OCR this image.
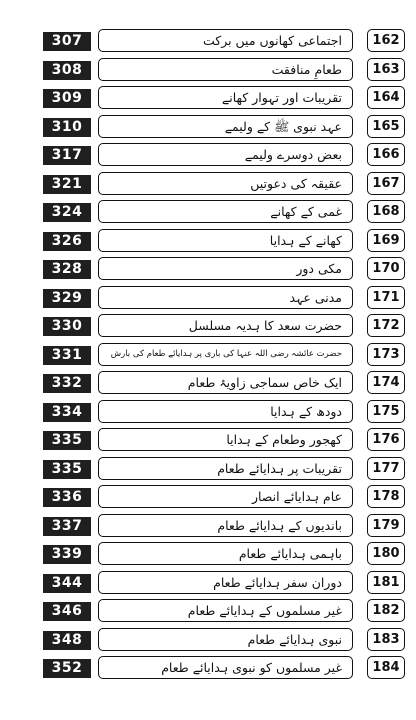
307	اجتماعی کھانوں میں برکت	162
308	طعامِ منافقت	163
309	تقریبات اور تہوار کھانے	164
310	عہد نبوی ﷺ کے ولیمے	165
317	بعض دوسرے ولیمے	166
321	عقیقہ کی دعوتیں	167
324	غمی کے کھانے	168
326	کھانے کے ہدایا	169
328	مکی دور	170
329	مدنی عہد	171
330	حضرت سعد کا ہدیہ مسلسل	172
331	حضرت عائشہ رضی اللہ عنہا کی باری پر ہدایائے طعام کی بارش	173
332	ایک خاص سماجی زاویۂ طعام	174
334	دودھ کے ہدایا	175
335	کھجور وطعام کے ہدایا	176
335	تقریبات پر ہدایائے طعام	177
336	عام ہدایائے انصار	178
337	باندیوں کے ہدایائے طعام	179
339	باہمی ہدایائے طعام	180
344	دوران سفر ہدایائے طعام	181
346	غیر مسلموں کے ہدایائے طعام	182
348	نبوی ہدایائے طعام	183
352	غیر مسلموں کو نبوی ہدایائے طعام	184
